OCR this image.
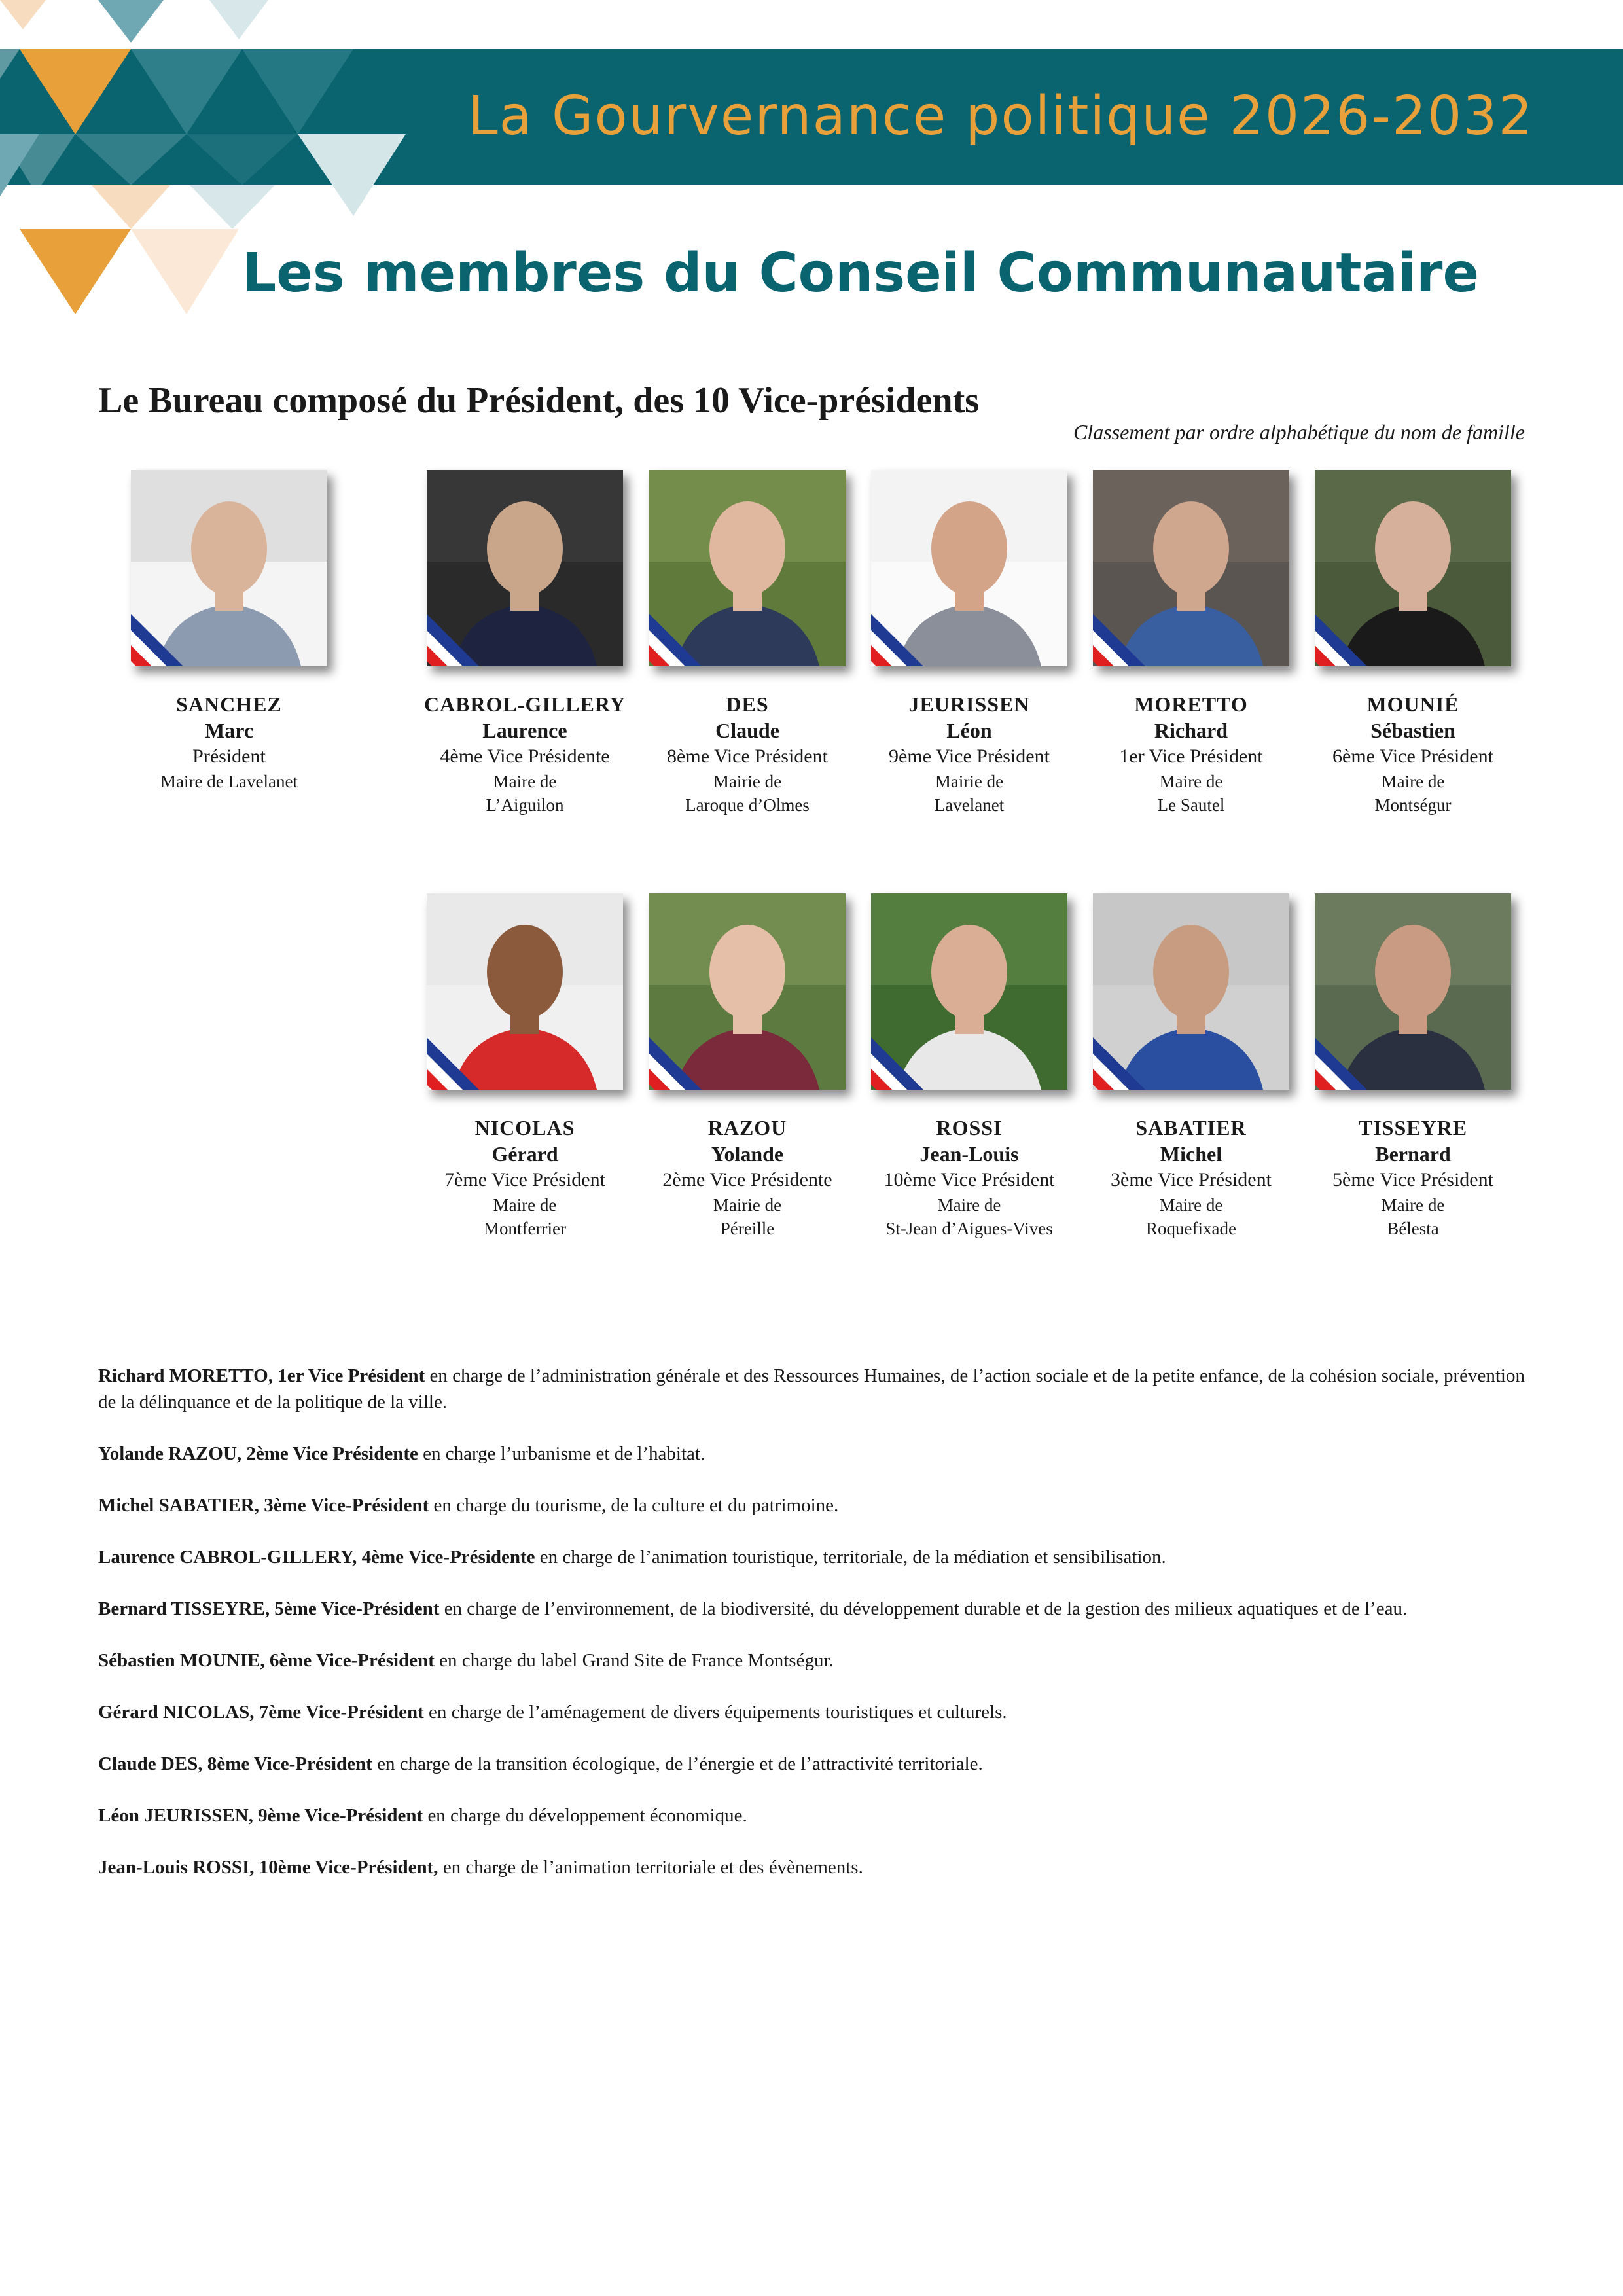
La Gourvernance politique 2026-2032
Les membres du Conseil Communautaire
Le Bureau composé du Président, des 10 Vice-présidents
Classement par ordre alphabétique du nom de famille
SANCHEZ
Marc
Président
Maire de Lavelanet
CABROL-GILLERY
Laurence
4ème Vice Présidente
Maire de
L’Aiguilon
DES
Claude
8ème Vice Président
Mairie de
Laroque d’Olmes
JEURISSEN
Léon
9ème Vice Président
Mairie de
Lavelanet
MORETTO
Richard
1er Vice Président
Maire de
Le Sautel
MOUNIÉ
Sébastien
6ème Vice Président
Maire de
Montségur
NICOLAS
Gérard
7ème Vice Président
Maire de
Montferrier
RAZOU
Yolande
2ème Vice Présidente
Mairie de
Péreille
ROSSI
Jean-Louis
10ème Vice Président
Maire de
St-Jean d’Aigues-Vives
SABATIER
Michel
3ème Vice Président
Maire de
Roquefixade
TISSEYRE
Bernard
5ème Vice Président
Maire de
Bélesta

Richard MORETTO, 1er Vice Président en charge de l’administration générale et des Ressources Humaines, de l’action sociale et de la petite enfance, de la cohésion sociale, prévention de la délinquance et de la politique de la ville.

Yolande RAZOU, 2ème Vice Présidente en charge l’urbanisme et de l’habitat.

Michel SABATIER, 3ème Vice-Président en charge du tourisme, de la culture et du patrimoine.

Laurence CABROL-GILLERY, 4ème Vice-Présidente en charge de l’animation touristique, territoriale, de la médiation et sensibilisation.

Bernard TISSEYRE, 5ème Vice-Président en charge de l’environnement, de la biodiversité, du développement durable et de la gestion des milieux aquatiques et de l’eau.

Sébastien MOUNIE, 6ème Vice-Président en charge du label Grand Site de France Montségur.

Gérard NICOLAS, 7ème Vice-Président en charge de l’aménagement de divers équipements touristiques et culturels.

Claude DES, 8ème Vice-Président en charge de la transition écologique, de l’énergie et de l’attractivité territoriale.

Léon JEURISSEN, 9ème Vice-Président en charge du développement économique.

Jean-Louis ROSSI, 10ème Vice-Président, en charge de l’animation territoriale et des évènements.
